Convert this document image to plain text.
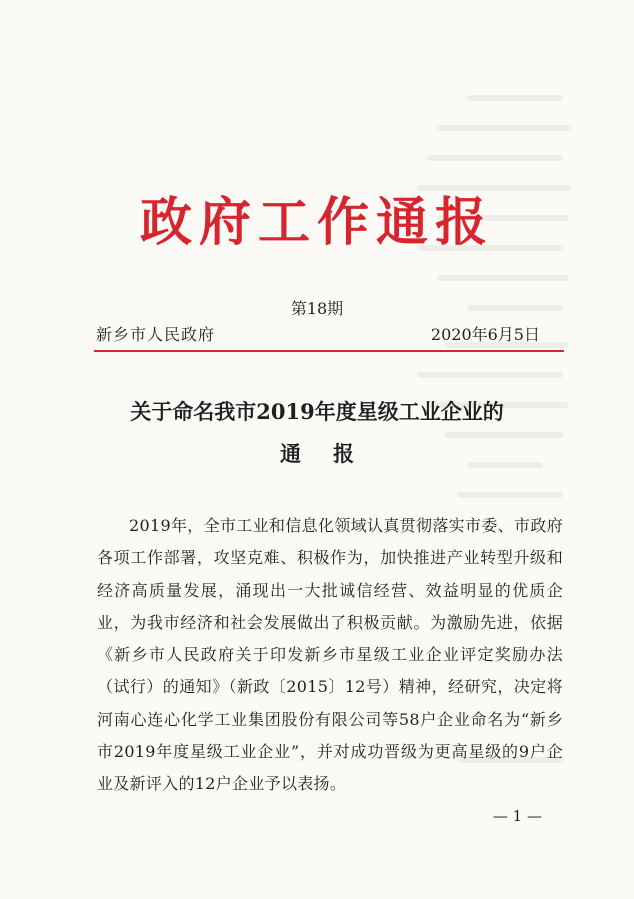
政府工作通报
第18期
新乡市人民政府	2020年6月5日
关于命名我市2019年度星级工业企业的
通报
2019年，全市工业和信息化领域认真贯彻落实市委、市政府各项工作部署，攻坚克难、积极作为，加快推进产业转型升级和经济高质量发展，涌现出一大批诚信经营、效益明显的优质企业，为我市经济和社会发展做出了积极贡献。为激励先进，依据《新乡市人民政府关于印发新乡市星级工业企业评定奖励办法（试行）的通知》（新政〔2015〕12号）精神，经研究，决定将河南心连心化学工业集团股份有限公司等58户企业命名为“新乡市2019年度星级工业企业”，并对成功晋级为更高星级的9户企业及新评入的12户企业予以表扬。
— 1 —
